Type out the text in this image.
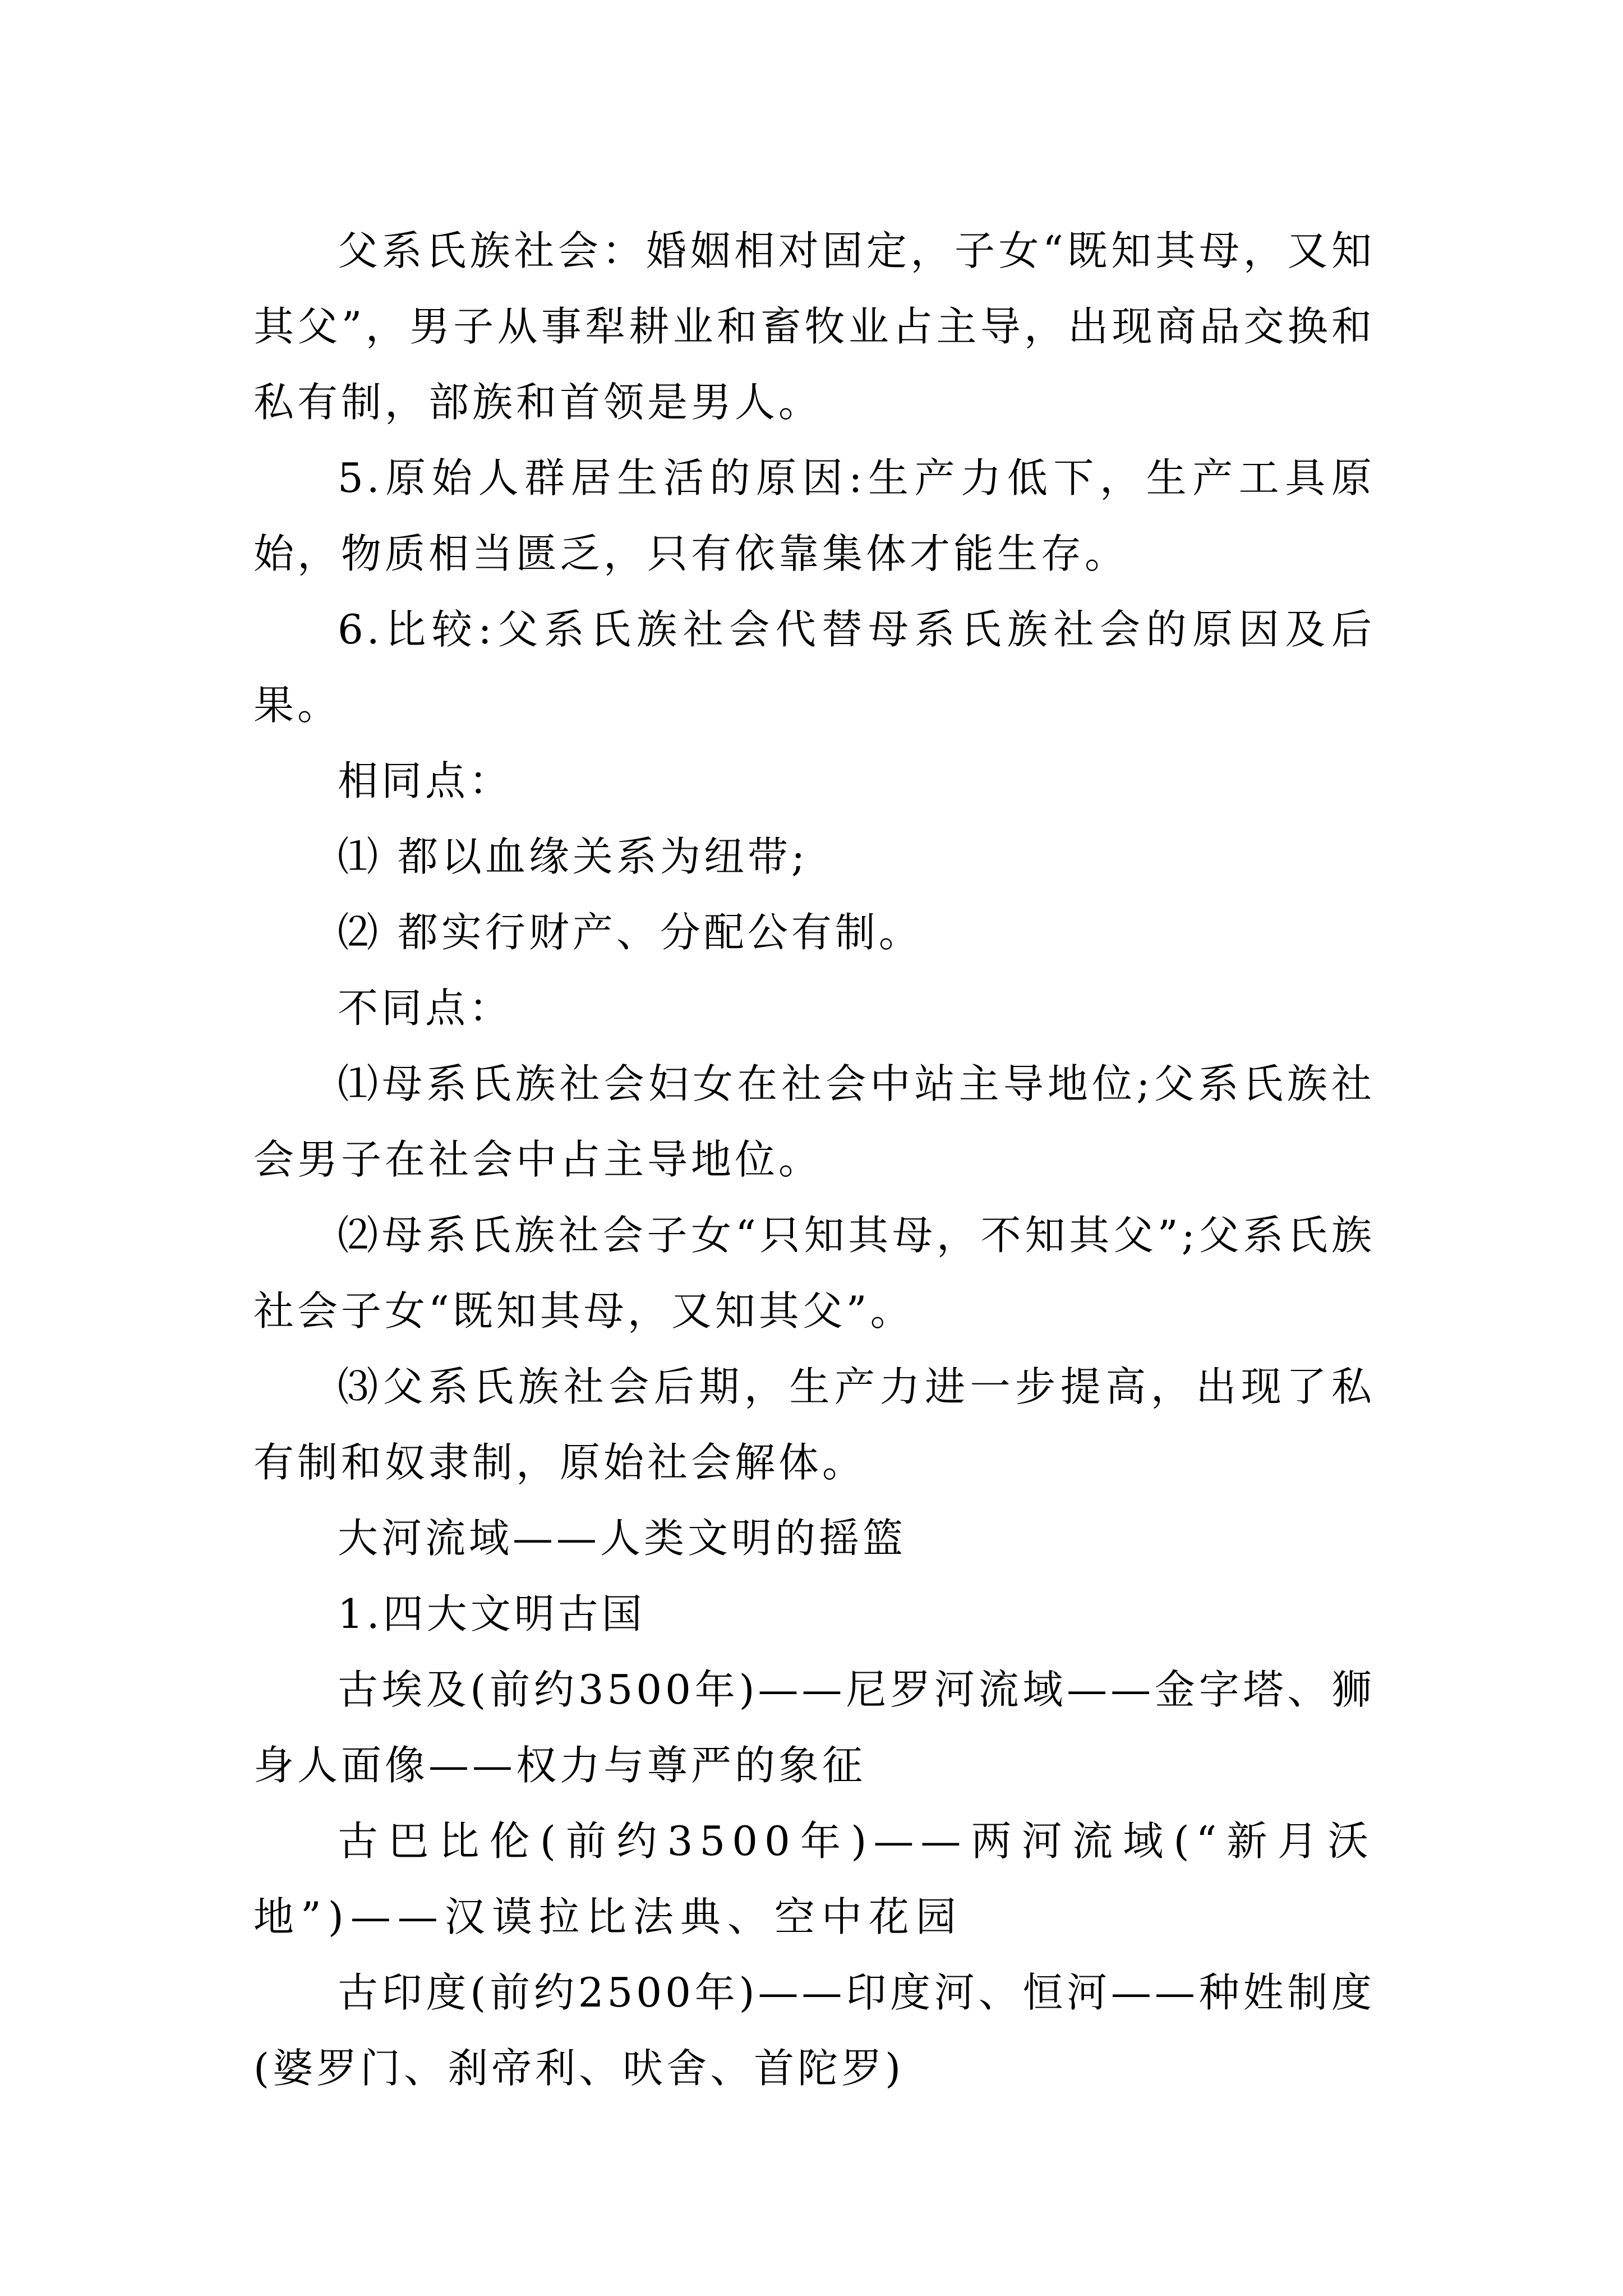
父系氏族社会：婚姻相对固定，子女“既知其母，又知其父”，男子从事犁耕业和畜牧业占主导，出现商品交换和私有制，部族和首领是男人。

5.原始人群居生活的原因:生产力低下，生产工具原始，物质相当匮乏，只有依靠集体才能生存。

6.比较:父系氏族社会代替母系氏族社会的原因及后果。

相同点：

⑴ 都以血缘关系为纽带;

⑵ 都实行财产、分配公有制。

不同点：

⑴母系氏族社会妇女在社会中站主导地位;父系氏族社会男子在社会中占主导地位。

⑵母系氏族社会子女“只知其母，不知其父”;父系氏族社会子女“既知其母，又知其父”。

⑶父系氏族社会后期，生产力进一步提高，出现了私有制和奴隶制，原始社会解体。

大河流域——人类文明的摇篮

1.四大文明古国

古埃及(前约3500年)——尼罗河流域——金字塔、狮身人面像——权力与尊严的象征

古巴比伦(前约3500年)——两河流域(“新月沃地”)——汉谟拉比法典、空中花园

古印度(前约2500年)——印度河、恒河——种姓制度(婆罗门、刹帝利、吠舍、首陀罗)
